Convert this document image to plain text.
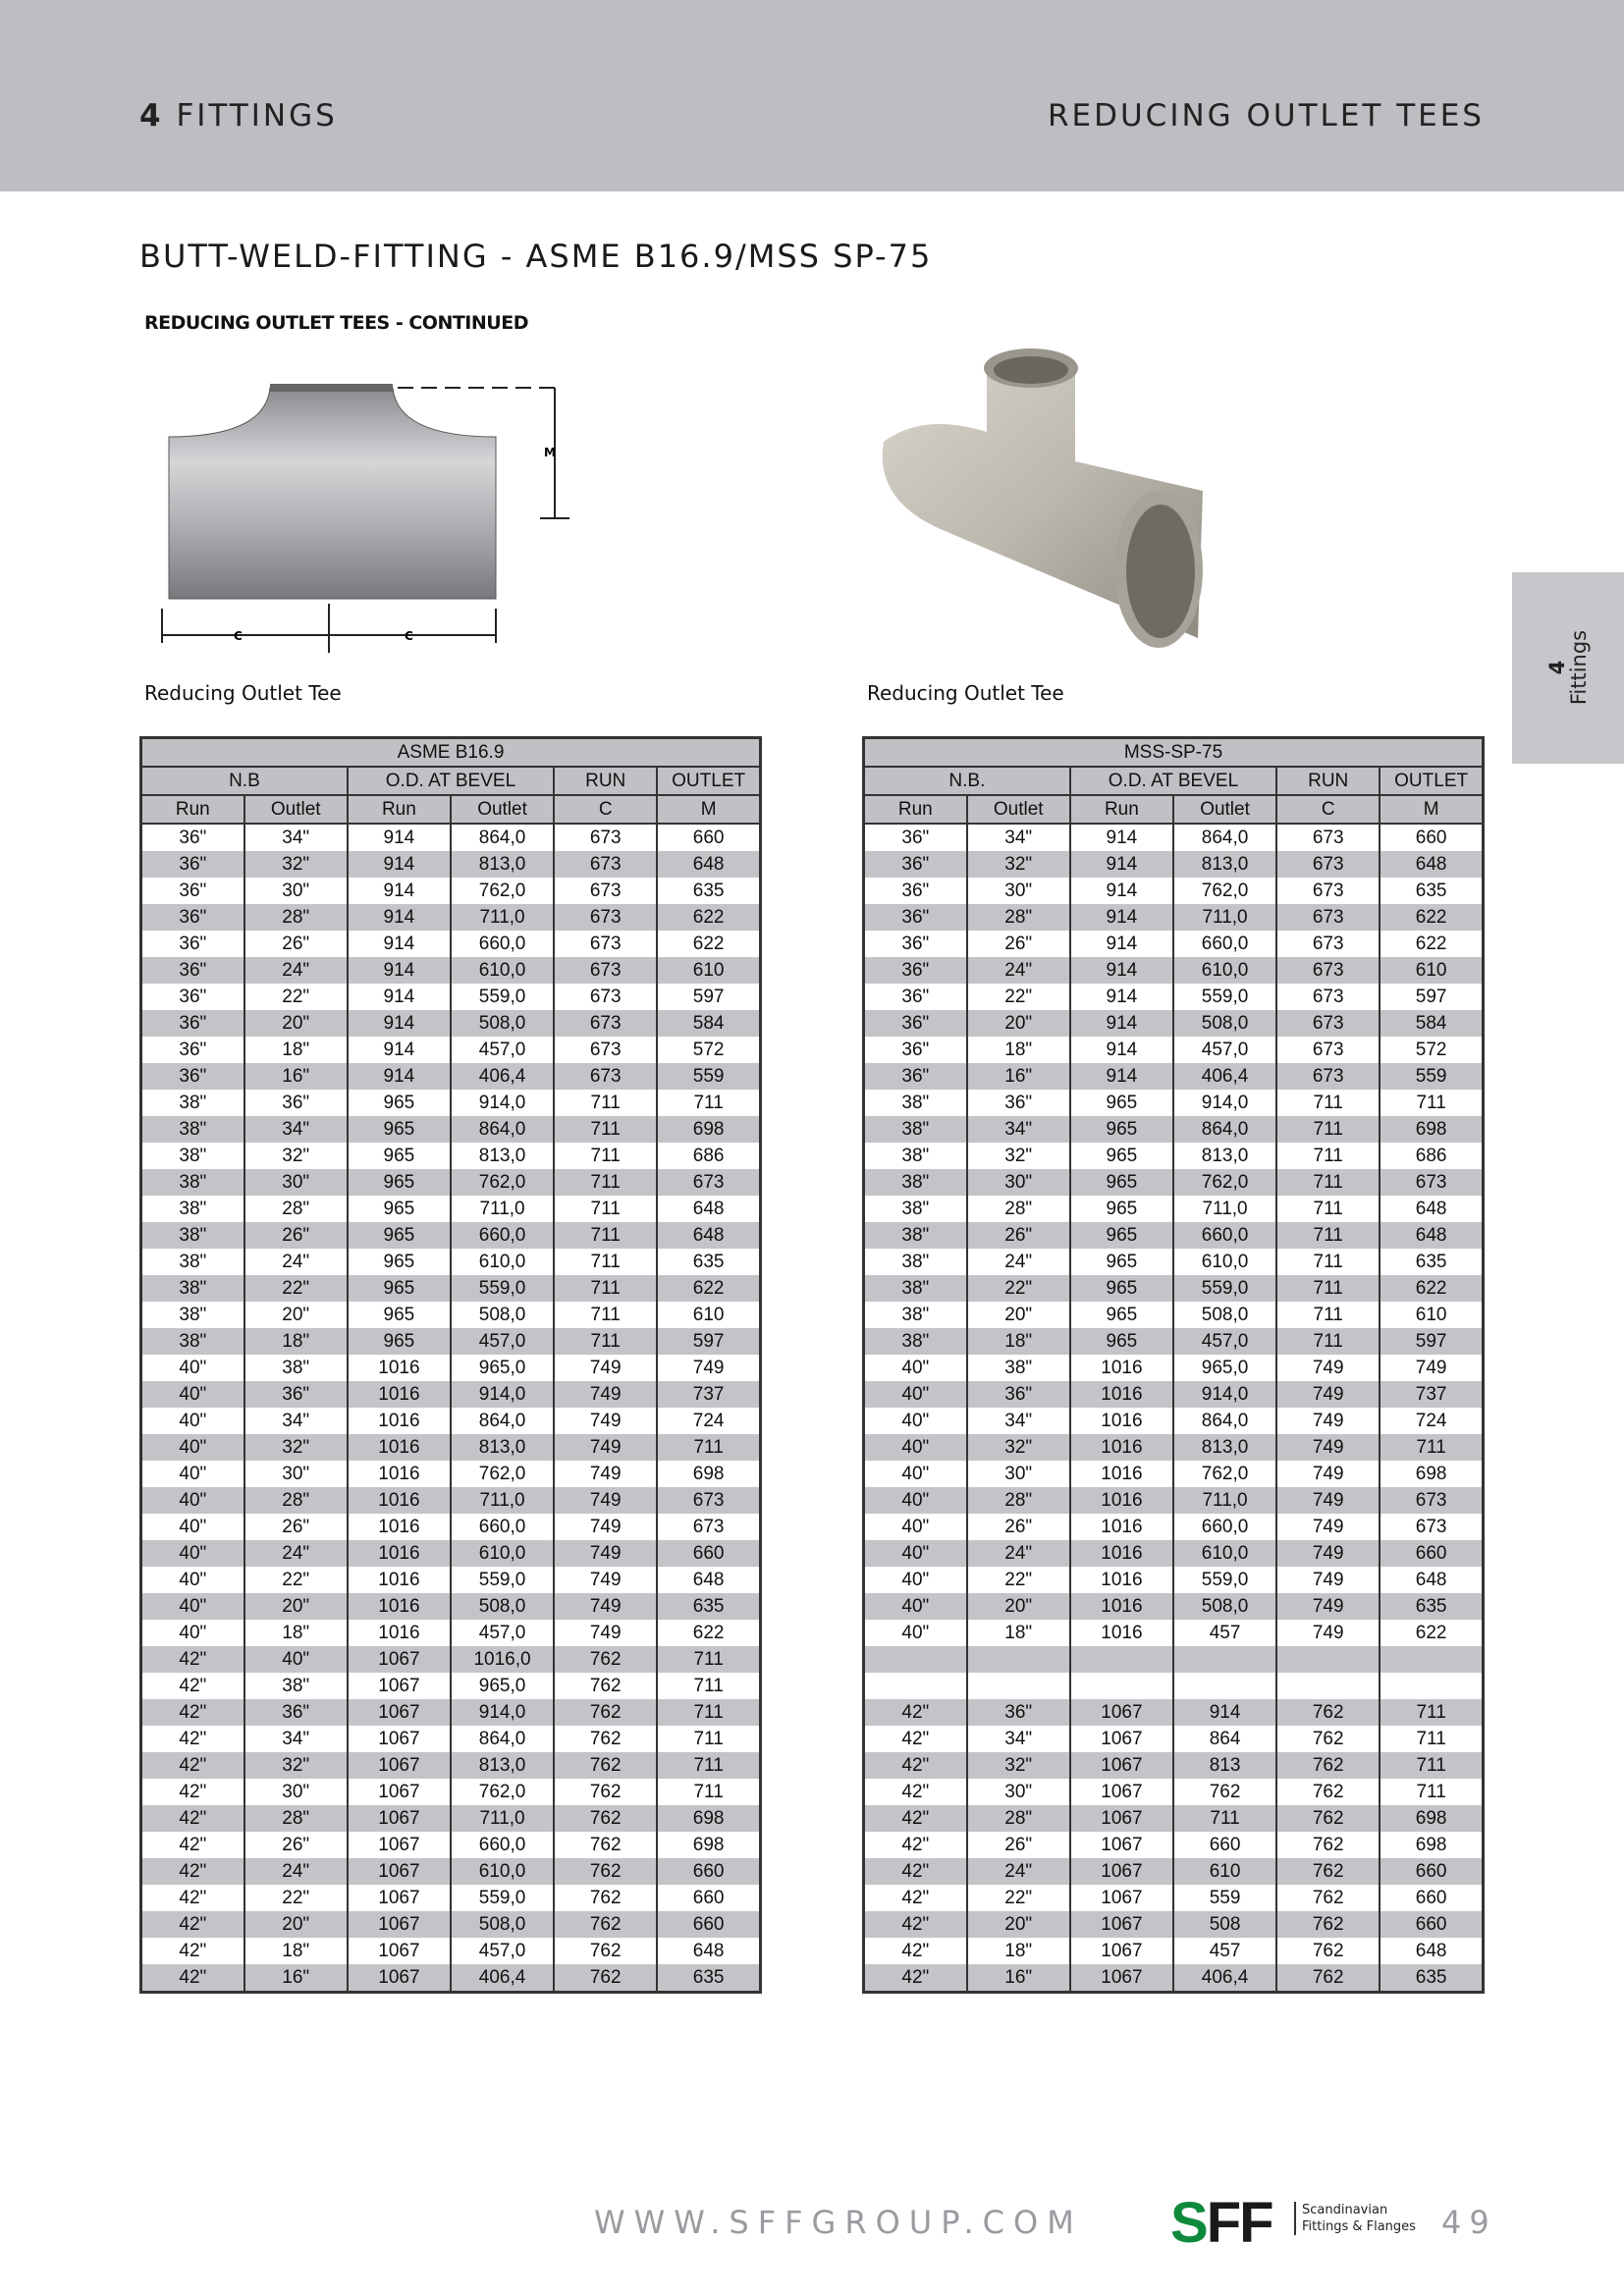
4 FITTINGS	REDUCING OUTLET TEES
BUTT-WELD-FITTING - ASME B16.9/MSS SP-75
REDUCING OUTLET TEES - CONTINUED
M
C	C
Reducing Outlet Tee	Reducing Outlet Tee
4
Fittings
ASME B16.9					
N.B		O.D. AT BEVEL		RUN	OUTLET
Run	Outlet	Run	Outlet	C	M
36"	34"	914	864,0	673	660
36"	32"	914	813,0	673	648
36"	30"	914	762,0	673	635
36"	28"	914	711,0	673	622
36"	26"	914	660,0	673	622
36"	24"	914	610,0	673	610
36"	22"	914	559,0	673	597
36"	20"	914	508,0	673	584
36"	18"	914	457,0	673	572
36"	16"	914	406,4	673	559
38"	36"	965	914,0	711	711
38"	34"	965	864,0	711	698
38"	32"	965	813,0	711	686
38"	30"	965	762,0	711	673
38"	28"	965	711,0	711	648
38"	26"	965	660,0	711	648
38"	24"	965	610,0	711	635
38"	22"	965	559,0	711	622
38"	20"	965	508,0	711	610
38"	18"	965	457,0	711	597
40"	38"	1016	965,0	749	749
40"	36"	1016	914,0	749	737
40"	34"	1016	864,0	749	724
40"	32"	1016	813,0	749	711
40"	30"	1016	762,0	749	698
40"	28"	1016	711,0	749	673
40"	26"	1016	660,0	749	673
40"	24"	1016	610,0	749	660
40"	22"	1016	559,0	749	648
40"	20"	1016	508,0	749	635
40"	18"	1016	457,0	749	622
42"	40"	1067	1016,0	762	711
42"	38"	1067	965,0	762	711
42"	36"	1067	914,0	762	711
42"	34"	1067	864,0	762	711
42"	32"	1067	813,0	762	711
42"	30"	1067	762,0	762	711
42"	28"	1067	711,0	762	698
42"	26"	1067	660,0	762	698
42"	24"	1067	610,0	762	660
42"	22"	1067	559,0	762	660
42"	20"	1067	508,0	762	660
42"	18"	1067	457,0	762	648
42"	16"	1067	406,4	762	635
MSS-SP-75					
N.B.		O.D. AT BEVEL		RUN	OUTLET
Run	Outlet	Run	Outlet	C	M
36"	34"	914	864,0	673	660
36"	32"	914	813,0	673	648
36"	30"	914	762,0	673	635
36"	28"	914	711,0	673	622
36"	26"	914	660,0	673	622
36"	24"	914	610,0	673	610
36"	22"	914	559,0	673	597
36"	20"	914	508,0	673	584
36"	18"	914	457,0	673	572
36"	16"	914	406,4	673	559
38"	36"	965	914,0	711	711
38"	34"	965	864,0	711	698
38"	32"	965	813,0	711	686
38"	30"	965	762,0	711	673
38"	28"	965	711,0	711	648
38"	26"	965	660,0	711	648
38"	24"	965	610,0	711	635
38"	22"	965	559,0	711	622
38"	20"	965	508,0	711	610
38"	18"	965	457,0	711	597
40"	38"	1016	965,0	749	749
40"	36"	1016	914,0	749	737
40"	34"	1016	864,0	749	724
40"	32"	1016	813,0	749	711
40"	30"	1016	762,0	749	698
40"	28"	1016	711,0	749	673
40"	26"	1016	660,0	749	673
40"	24"	1016	610,0	749	660
40"	22"	1016	559,0	749	648
40"	20"	1016	508,0	749	635
40"	18"	1016	457	749	622

42"	36"	1067	914	762	711
42"	34"	1067	864	762	711
42"	32"	1067	813	762	711
42"	30"	1067	762	762	711
42"	28"	1067	711	762	698
42"	26"	1067	660	762	698
42"	24"	1067	610	762	660
42"	22"	1067	559	762	660
42"	20"	1067	508	762	660
42"	18"	1067	457	762	648
42"	16"	1067	406,4	762	635
WWW.SFFGROUP.COM SFF Scandinavian
Fittings & Flanges 49
